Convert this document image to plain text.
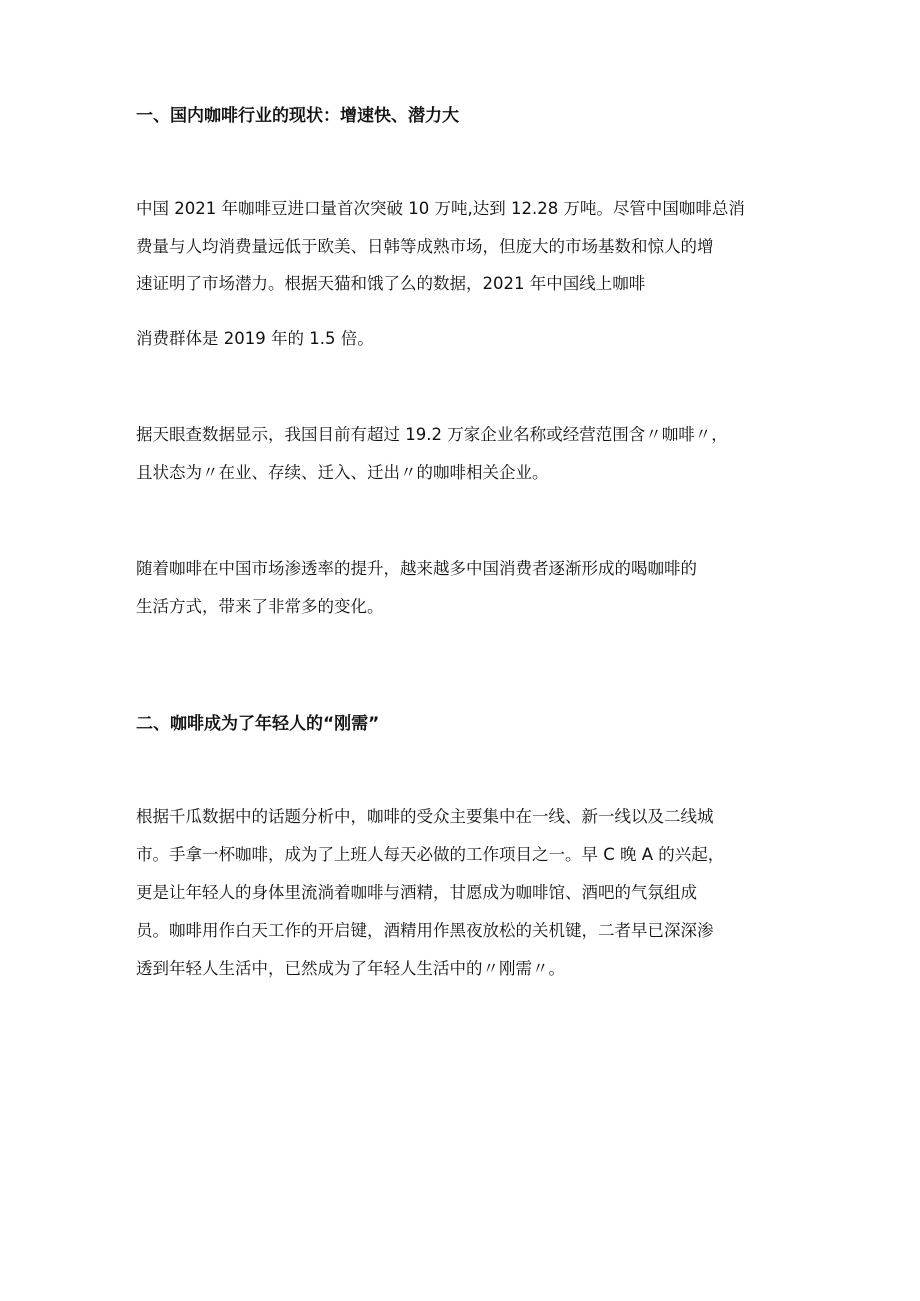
一、国内咖啡行业的现状：增速快、潜力大

中国 2021 年咖啡豆进口量首次突破 10 万吨,达到 12.28 万吨。尽管中国咖啡总消

费量与人均消费量远低于欧美、日韩等成熟市场，但庞大的市场基数和惊人的增

速证明了市场潜力。根据天猫和饿了么的数据，2021 年中国线上咖啡

消费群体是 2019 年的 1.5 倍。

据天眼查数据显示，我国目前有超过 19.2 万家企业名称或经营范围含〃咖啡〃，

且状态为〃在业、存续、迁入、迁出〃的咖啡相关企业。

随着咖啡在中国市场渗透率的提升，越来越多中国消费者逐渐形成的喝咖啡的

生活方式，带来了非常多的变化。

二、咖啡成为了年轻人的“刚需”

根据千瓜数据中的话题分析中，咖啡的受众主要集中在一线、新一线以及二线城

市。手拿一杯咖啡，成为了上班人每天必做的工作项目之一。早 C 晚 A 的兴起，

更是让年轻人的身体里流淌着咖啡与酒精，甘愿成为咖啡馆、酒吧的气氛组成

员。咖啡用作白天工作的开启键，酒精用作黑夜放松的关机键，二者早已深深渗

透到年轻人生活中，已然成为了年轻人生活中的〃刚需〃。
